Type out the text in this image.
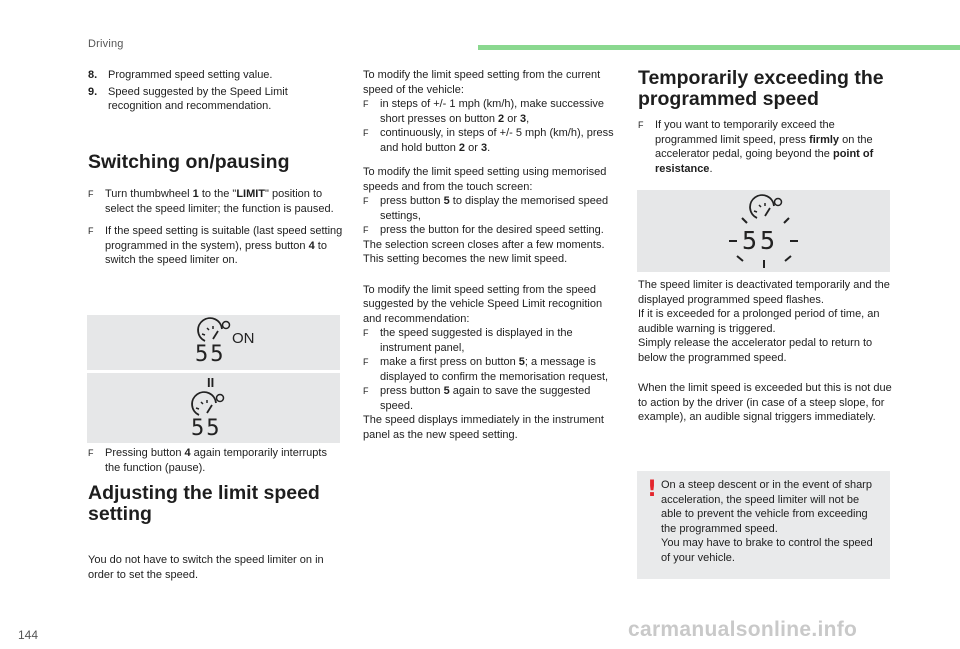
Driving
8. Programmed speed setting value.
9. Speed suggested by the Speed Limit recognition and recommendation.

Switching on/pausing

F	Turn thumbwheel 1 to the "LIMIT" position to select the speed limiter; the function is paused.
F	If the speed setting is suitable (last speed setting programmed in the system), press button 4 to switch the speed limiter on.
55
ON
II
55
F	Pressing button 4 again temporarily interrupts the function (pause).

Adjusting the limit speed setting

You do not have to switch the speed limiter on in order to set the speed.

To modify the limit speed setting from the current speed of the vehicle:

F	in steps of +/- 1 mph (km/h), make successive short presses on button 2 or 3,
F	continuously, in steps of +/- 5 mph (km/h), press and hold button 2 or 3.

To modify the limit speed setting using memorised speeds and from the touch screen:

F	press button 5 to display the memorised speed settings,
F	press the button for the desired speed setting.

The selection screen closes after a few moments.

This setting becomes the new limit speed.

To modify the limit speed setting from the speed suggested by the vehicle Speed Limit recognition and recommendation:

F	the speed suggested is displayed in the instrument panel,
F	make a first press on button 5; a message is displayed to confirm the memorisation request,
F	press button 5 again to save the suggested speed.

The speed displays immediately in the instrument panel as the new speed setting.

Temporarily exceeding the programmed speed

F	If you want to temporarily exceed the programmed limit speed, press firmly on the accelerator pedal, going beyond the point of resistance.
55

The speed limiter is deactivated temporarily and the displayed programmed speed flashes.

If it is exceeded for a prolonged period of time, an audible warning is triggered.

Simply release the accelerator pedal to return to below the programmed speed.

When the limit speed is exceeded but this is not due to action by the driver (in case of a steep slope, for example), an audible signal triggers immediately.

! On a steep descent or in the event of sharp acceleration, the speed limiter will not be able to prevent the vehicle from exceeding the programmed speed.

You may have to brake to control the speed of your vehicle.

144	carmanualsonline.info
